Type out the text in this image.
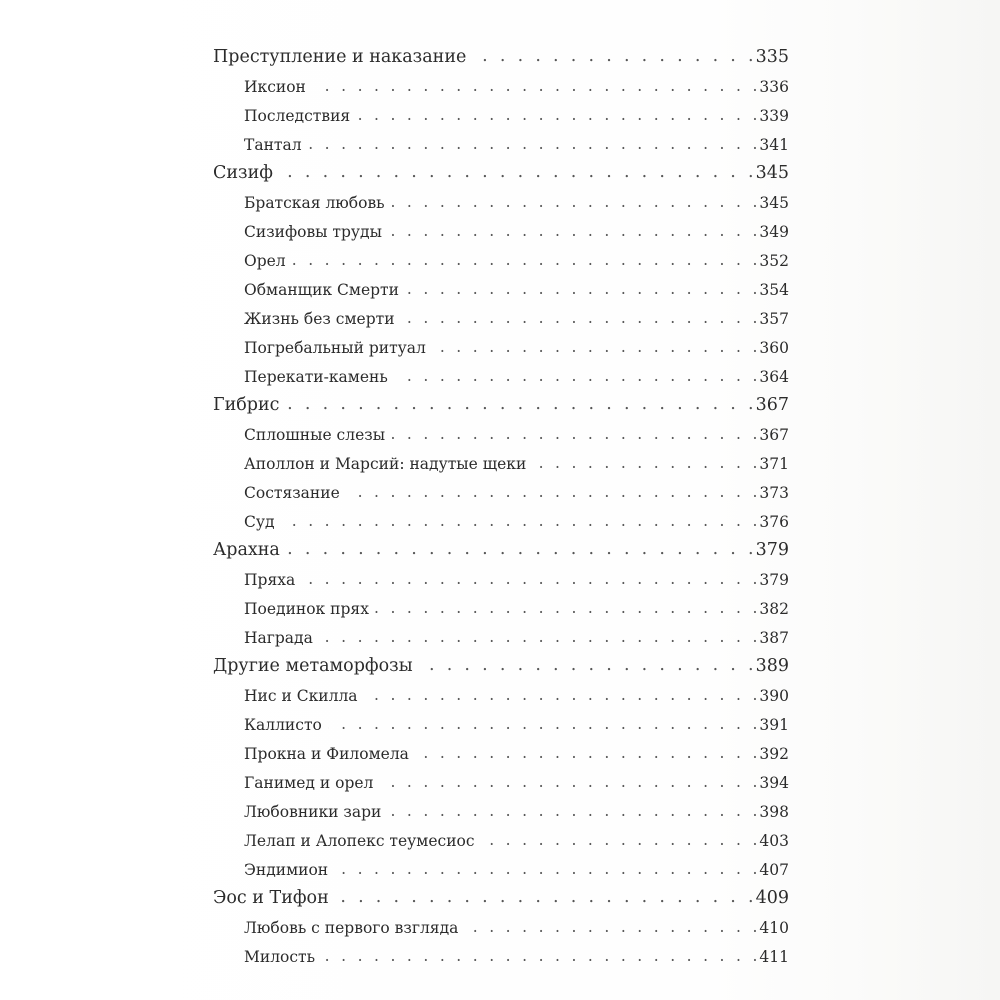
Преступление и наказание . . .	335
Иксион . . .	336
Последствия . . .	339
Тантал . . .	341
Сизиф . . .	345
Братская любовь . . .	345
Сизифовы труды . . .	349
Орел . . .	352
Обманщик Смерти . . .	354
Жизнь без смерти . . .	357
Погребальный ритуал . . .	360
Перекати-камень . . .	364
Гибрис . . .	367
Сплошные слезы . . .	367
Аполлон и Марсий: надутые щеки . . .	371
Состязание . . .	373
Суд . . .	376
Арахна . . .	379
Пряха . . .	379
Поединок прях . . .	382
Награда . . .	387
Другие метаморфозы . . .	389
Нис и Скилла . . .	390
Каллисто . . .	391
Прокна и Филомела . . .	392
Ганимед и орел . . .	394
Любовники зари . . .	398
Лелап и Алопекс теумесиос . . .	403
Эндимион . . .	407
Эос и Тифон . . .	409
Любовь с первого взгляда . . .	410
Милость . . .	411
